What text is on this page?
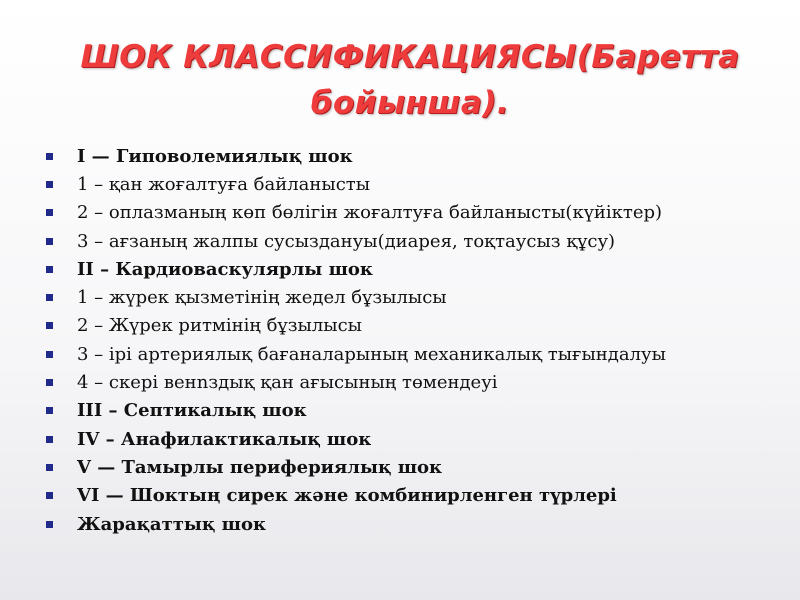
ШОК КЛАССИФИКАЦИЯСЫ(Баретта
бойынша).
I — Гиповолемиялық шок
1 – қан жоғалтуға байланысты
2 – оплазманың көп бөлігін жоғалтуға байланысты(күйіктер)
3 – ағзаның жалпы сусыздануы(диарея, тоқтаусыз құсу)
II – Кардиоваскулярлы шок
1 – жүрек қызметінің жедел бұзылысы
2 – Жүрек ритмінің бұзылысы
3 – ірі артериялық бағаналарының механикалық тығындалуы
4 – скері венոздық қан ағысының төмендеуі
III – Септикалық шок
IV – Анафилактикалық шок
V — Тамырлы перифериялық шок
VI — Шоктың сирек және комбинирленген түрлері
Жарақаттық шок
